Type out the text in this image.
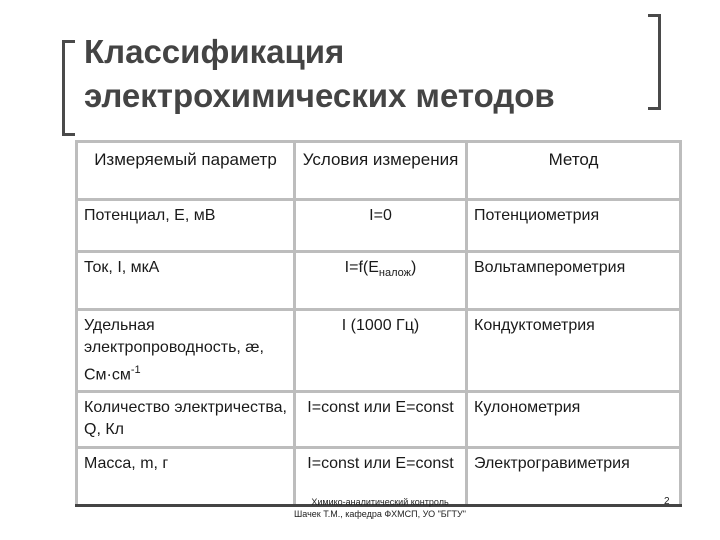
Классификация
электрохимических методов
Измеряемый параметр	Условия измерения	Метод
Потенциал, Е, мВ	I=0	Потенциометрия
Ток, I, мкА	$I=f(E_{налож})$	Вольтамперометрия
Удельная электропроводность, æ, $См\cdot см^{-1}$	I (1000 Гц)	Кондуктометрия
Количество электричества, Q, Кл	I=const или E=const	Кулонометрия
Масса, m, г	I=const или E=const	Электрогравиметрия
Химико-аналитический контроль
Шачек Т.М., кафедра ФХМСП, УО "БГТУ"
2
